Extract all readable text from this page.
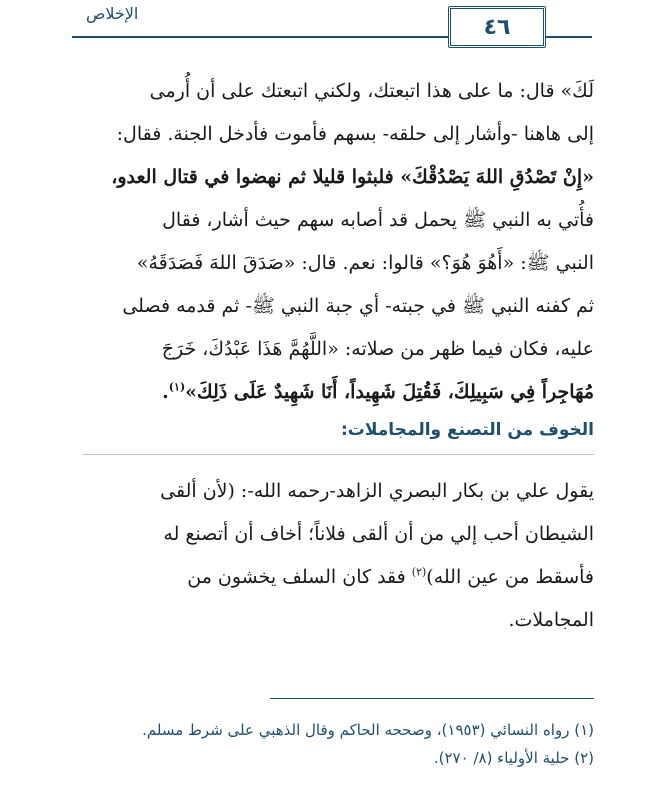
الإخلاص
٤٦
لَكَ» قال: ما على هذا اتبعتك، ولكني اتبعتك على أن أُرمى
إلى هاهنا -وأشار إلى حلقه- بسهم فأموت فأدخل الجنة. فقال:
«إِنْ تَصْدُقِ اللهَ يَصْدُقْكَ» فلبثوا قليلا ثم نهضوا في قتال العدو،
فأُتي به النبي ﷺ يحمل قد أصابه سهم حيث أشار، فقال
النبي ﷺ: «أَهُوَ هُوَ؟» قالوا: نعم. قال: «صَدَقَ اللهَ فَصَدَقَهُ»
ثم كفنه النبي ﷺ في جبته- أي جبة النبي ﷺ- ثم قدمه فصلى
عليه، فكان فيما ظهر من صلاته: «اللَّهُمَّ هَذَا عَبْدُكَ، خَرَجَ
مُهَاجِراً فِي سَبِيلِكَ، فَقُتِلَ شَهِيداً، أَنَا شَهِيدٌ عَلَى ذَلِكَ»$^{(١)}$.
الخوف من التصنع والمجاملات:
يقول علي بن بكار البصري الزاهد-رحمه الله-: (لأن ألقى
الشيطان أحب إلي من أن ألقى فلاناً؛ أخاف أن أتصنع له
فأسقط من عين الله)$^{(٢)}$ فقد كان السلف يخشون من
المجاملات.
(١) رواه النسائي (١٩٥٣)، وصححه الحاكم وقال الذهبي على شرط مسلم.
(٢) حلية الأولياء (٨/ ٢٧٠).
